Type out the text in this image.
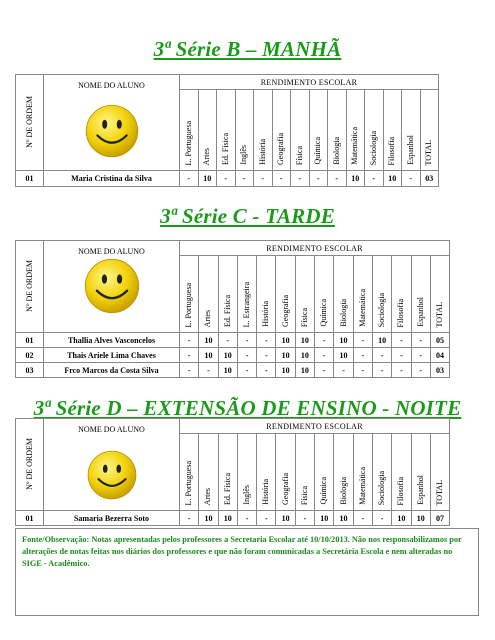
3ª Série B – MANHÃ
Nº DE ORDEM	NOME DO ALUNO	RENDIMENTO ESCOLAR													
		L. Portuguesa	Artes	Ed. Física	Inglês	História	Geografia	Física	Química	Biologia	Matemática	Sociologia	Filosofia	Espanhol	TOTAL
01	Maria Cristina da Silva	-	10	-	-	-	-	-	-	-	10	-	10	-	03
3ª Série C - TARDE
Nº DE ORDEM	NOME DO ALUNO	RENDIMENTO ESCOLAR													
		L. Portuguesa	Artes	Ed. Física	L. Estrangeira	História	Geografia	Física	Química	Biologia	Matemática	Sociologia	Filosofia	Espanhol	TOTAL
01	Thallia Alves Vasconcelos	-	10	-	-	-	10	10	-	10	-	10	-	-	05
02	Thais Ariele Lima Chaves	-	10	10	-	-	10	10	-	10	-	-	-	-	04
03	Frco Marcos da Costa Silva	-	-	10	-	-	10	10	-	-	-	-	-	-	03
3ª Série D – EXTENSÃO DE ENSINO - NOITE
Nº DE ORDEM	NOME DO ALUNO	RENDIMENTO ESCOLAR													
		L. Portuguesa	Artes	Ed. Física	Inglês	História	Geografia	Física	Química	Biologia	Matemática	Sociologia	Filosofia	Espanhol	TOTAL
01	Samaria Bezerra Soto	-	10	10	-	-	10	-	10	10	-	-	10	10	07
Fonte/Observação: Notas apresentadas pelos professores a Secretaria Escolar até 10/10/2013. Não nos responsabilizamos por alterações de notas feitas nos diários dos professores e que não foram comunicadas a Secretária Escola e nem alteradas no SIGE - Acadêmico.
